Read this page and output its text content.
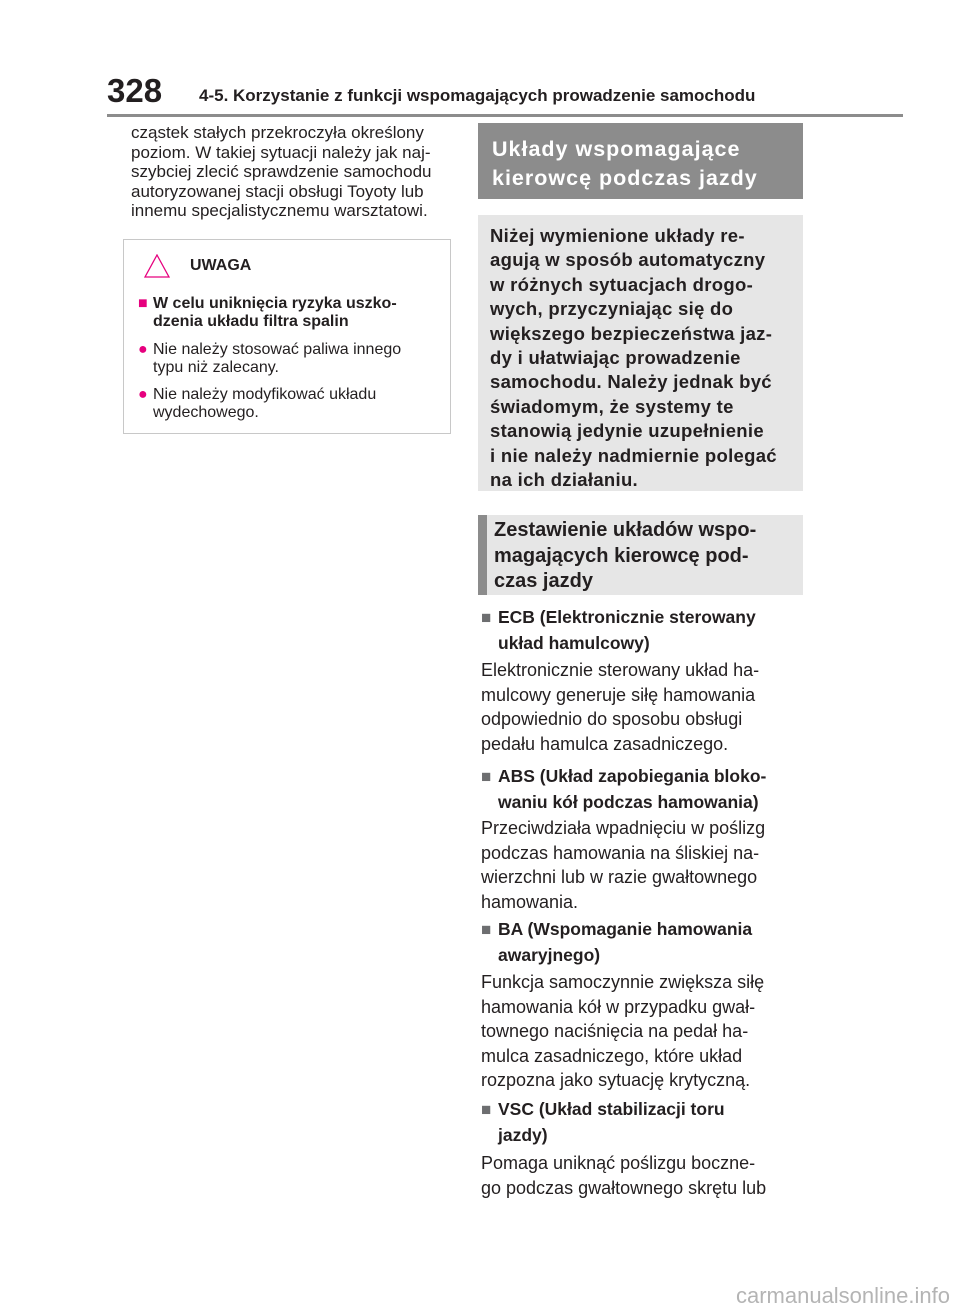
328 4-5. Korzystanie z funkcji wspomagających prowadzenie samochodu
cząstek stałych przekroczyła określony
poziom. W takiej sytuacji należy jak naj-
szybciej zlecić sprawdzenie samochodu
autoryzowanej stacji obsługi Toyoty lub
innemu specjalistycznemu warsztatowi.
UWAGA
■ W celu uniknięcia ryzyka uszko-
dzenia układu filtra spalin
● Nie należy stosować paliwa innego
typu niż zalecany.
● Nie należy modyfikować układu
wydechowego.
Układy wspomagające
kierowcę podczas jazdy
Niżej wymienione układy re-
agują w sposób automatyczny
w różnych sytuacjach drogo-
wych, przyczyniając się do
większego bezpieczeństwa jaz-
dy i ułatwiając prowadzenie
samochodu. Należy jednak być
świadomym, że systemy te
stanowią jedynie uzupełnienie
i nie należy nadmiernie polegać
na ich działaniu.
Zestawienie układów wspo-
magających kierowcę pod-
czas jazdy
■ ECB (Elektronicznie sterowany
układ hamulcowy)
Elektronicznie sterowany układ ha-
mulcowy generuje siłę hamowania
odpowiednio do sposobu obsługi
pedału hamulca zasadniczego.
■ ABS (Układ zapobiegania bloko-
waniu kół podczas hamowania)
Przeciwdziała wpadnięciu w poślizg
podczas hamowania na śliskiej na-
wierzchni lub w razie gwałtownego
hamowania.
■ BA (Wspomaganie hamowania
awaryjnego)
Funkcja samoczynnie zwiększa siłę
hamowania kół w przypadku gwał-
townego naciśnięcia na pedał ha-
mulca zasadniczego, które układ
rozpozna jako sytuację krytyczną.
■ VSC (Układ stabilizacji toru
jazdy)
Pomaga uniknąć poślizgu boczne-
go podczas gwałtownego skrętu lub
carmanualsonline.info
